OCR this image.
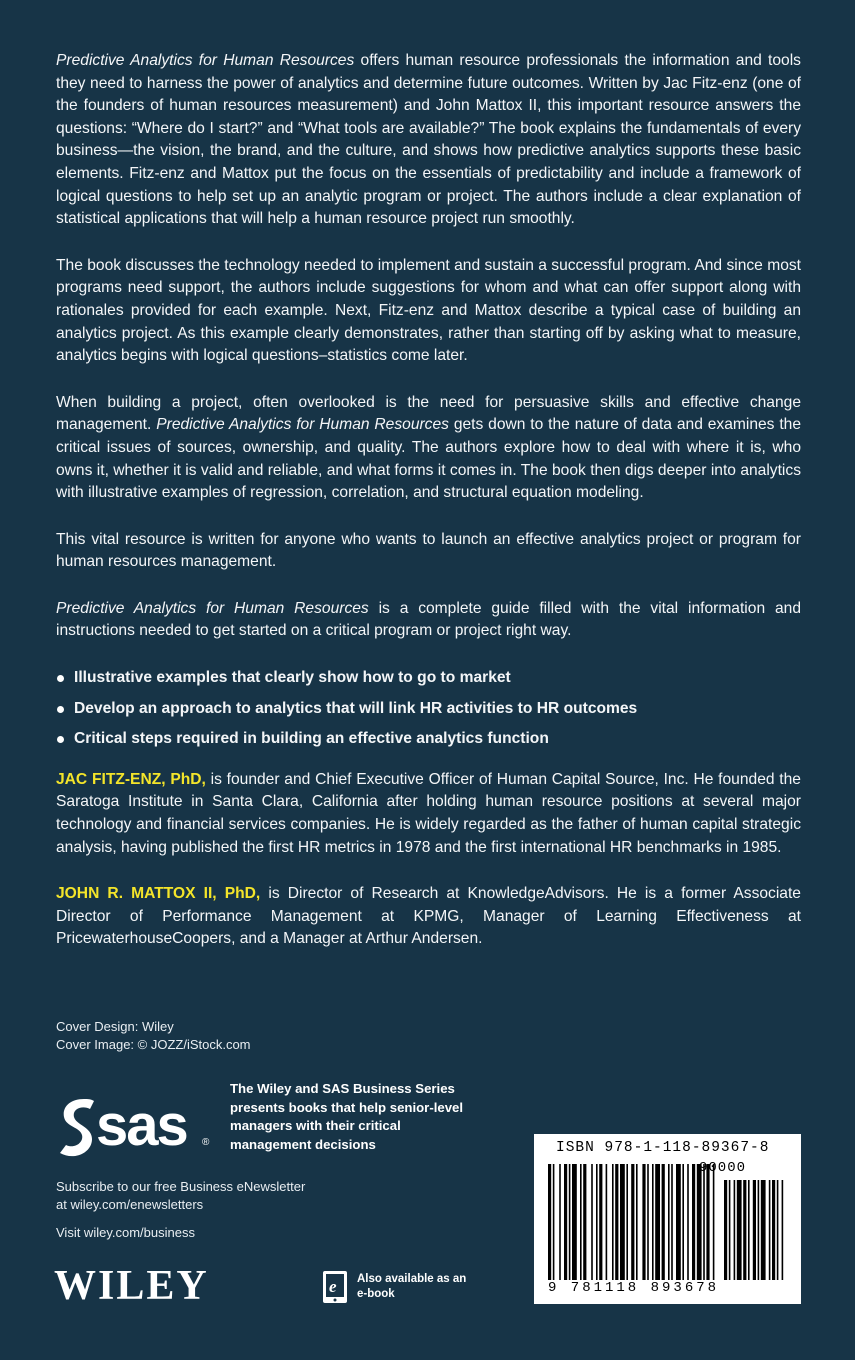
Predictive Analytics for Human Resources offers human resource professionals the information and tools they need to harness the power of analytics and determine future outcomes. Written by Jac Fitz-enz (one of the founders of human resources measurement) and John Mattox II, this important resource answers the questions: “Where do I start?” and “What tools are available?” The book explains the fundamentals of every business—the vision, the brand, and the culture, and shows how predictive analytics supports these basic elements. Fitz-enz and Mattox put the focus on the essentials of predictability and include a framework of logical questions to help set up an analytic program or project. The authors include a clear explanation of statistical applications that will help a human resource project run smoothly.

The book discusses the technology needed to implement and sustain a successful program. And since most programs need support, the authors include suggestions for whom and what can offer support along with rationales provided for each example. Next, Fitz-enz and Mattox describe a typical case of building an analytics project. As this example clearly demonstrates, rather than starting off by asking what to measure, analytics begins with logical questions–statistics come later.

When building a project, often overlooked is the need for persuasive skills and effective change management. Predictive Analytics for Human Resources gets down to the nature of data and examines the critical issues of sources, ownership, and quality. The authors explore how to deal with where it is, who owns it, whether it is valid and reliable, and what forms it comes in. The book then digs deeper into analytics with illustrative examples of regression, correlation, and structural equation modeling.

This vital resource is written for anyone who wants to launch an effective analytics project or program for human resources management.

Predictive Analytics for Human Resources is a complete guide filled with the vital information and instructions needed to get started on a critical program or project right way.

Illustrative examples that clearly show how to go to market
Develop an approach to analytics that will link HR activities to HR outcomes
Critical steps required in building an effective analytics function

JAC FITZ-ENZ, PhD, is founder and Chief Executive Officer of Human Capital Source, Inc. He founded the Saratoga Institute in Santa Clara, California after holding human resource positions at several major technology and financial services companies. He is widely regarded as the father of human capital strategic analysis, having published the first HR metrics in 1978 and the first international HR benchmarks in 1985.

JOHN R. MATTOX II, PhD, is Director of Research at KnowledgeAdvisors. He is a former Associate Director of Performance Management at KPMG, Manager of Learning Effectiveness at PricewaterhouseCoopers, and a Manager at Arthur Andersen.

Cover Design: Wiley
Cover Image: © JOZZ/iStock.com
sas ®
The Wiley and SAS Business Series presents books that help senior-level managers with their critical management decisions
Subscribe to our free Business eNewsletter
at wiley.com/enewsletters
Visit wiley.com/business
WILEY	e Also available as an e-book
ISBN 978-1-118-89367-8
90000
9 781118 893678
